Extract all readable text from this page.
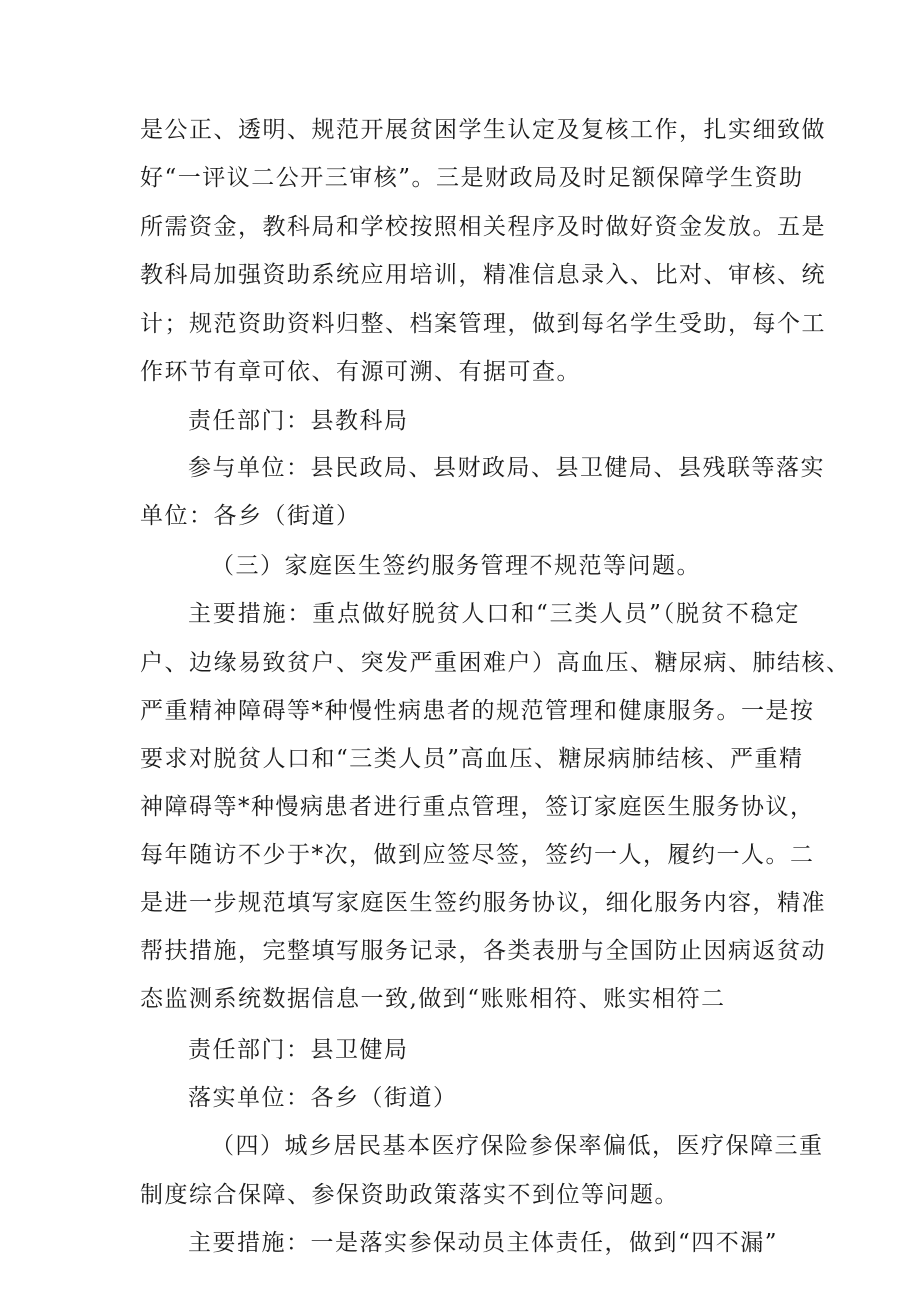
是公正、透明、规范开展贫困学生认定及复核工作，扎实细致做
好“一评议二公开三审核”。三是财政局及时足额保障学生资助
所需资金，教科局和学校按照相关程序及时做好资金发放。五是
教科局加强资助系统应用培训，精准信息录入、比对、审核、统
计；规范资助资料归整、档案管理，做到每名学生受助，每个工
作环节有章可依、有源可溯、有据可查。
责任部门：县教科局
参与单位：县民政局、县财政局、县卫健局、县残联等落实
单位：各乡（街道）
（三）家庭医生签约服务管理不规范等问题。
主要措施：重点做好脱贫人口和“三类人员”（脱贫不稳定
户、边缘易致贫户、突发严重困难户）高血压、糖尿病、肺结核、
严重精神障碍等*种慢性病患者的规范管理和健康服务。一是按
要求对脱贫人口和“三类人员”高血压、糖尿病肺结核、严重精
神障碍等*种慢病患者进行重点管理，签订家庭医生服务协议，
每年随访不少于*次，做到应签尽签，签约一人，履约一人。二
是进一步规范填写家庭医生签约服务协议，细化服务内容，精准
帮扶措施，完整填写服务记录，各类表册与全国防止因病返贫动
态监测系统数据信息一致,做到“账账相符、账实相符二
责任部门：县卫健局
落实单位：各乡（街道）
（四）城乡居民基本医疗保险参保率偏低，医疗保障三重
制度综合保障、参保资助政策落实不到位等问题。
主要措施：一是落实参保动员主体责任，做到“四不漏”
